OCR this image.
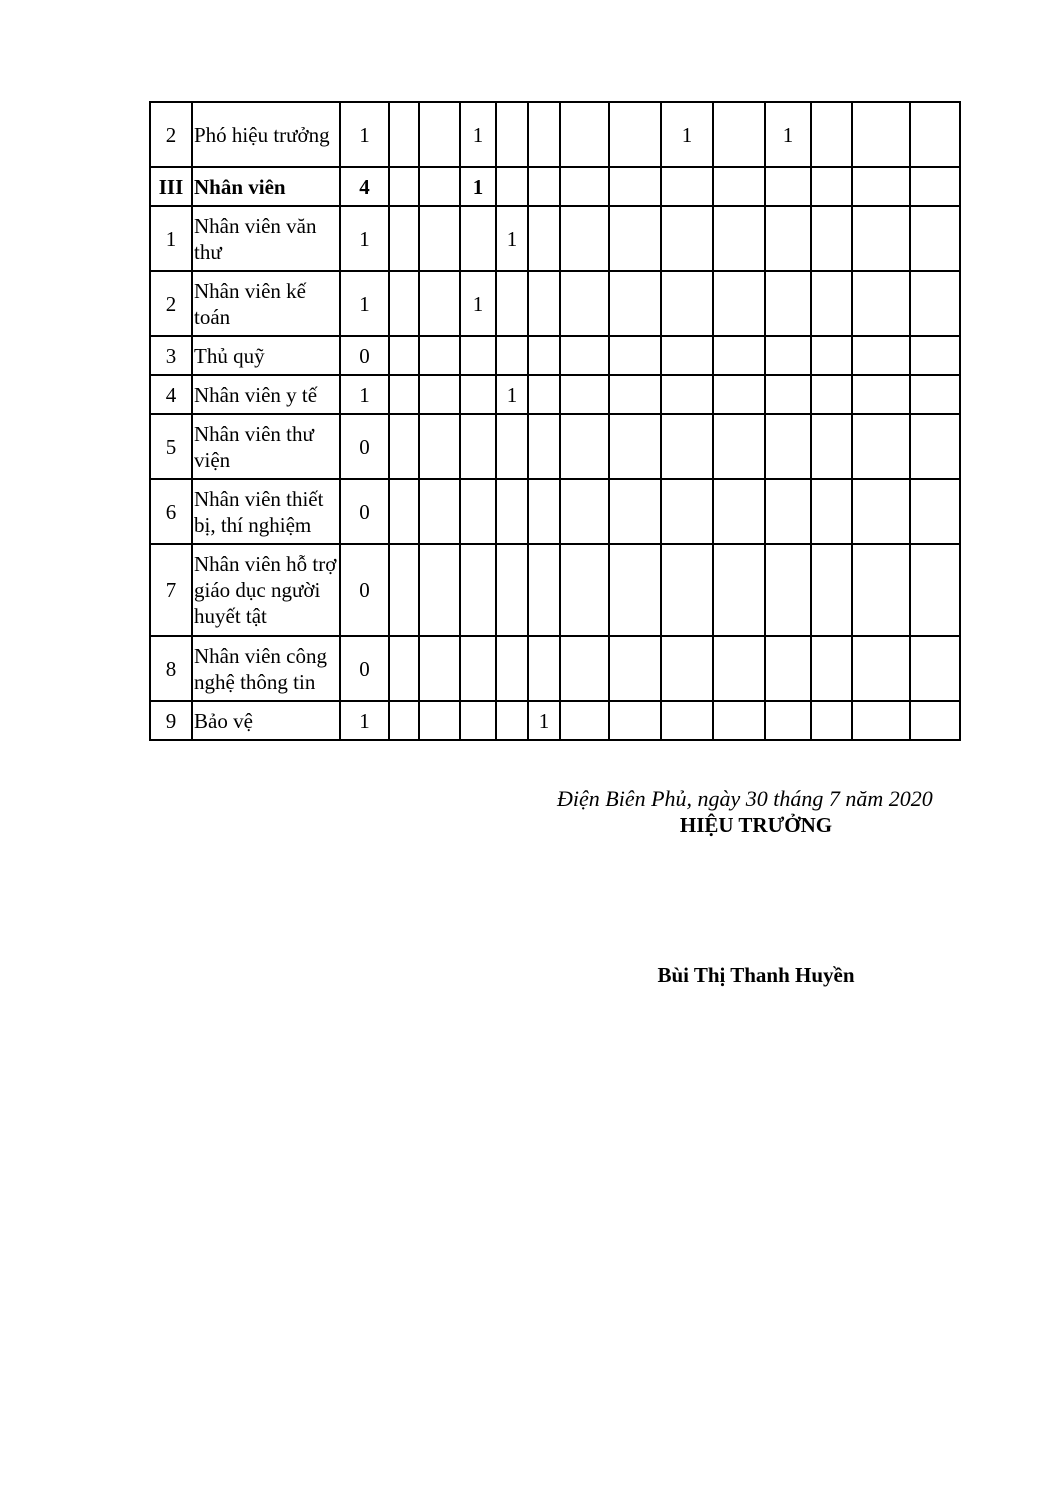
2	Phó hiệu trưởng	1			1					1		1			
III	Nhân viên	4			1										
1	Nhân viên văn thư	1				1									
2	Nhân viên kế toán	1			1										
3	Thủ quỹ	0													
4	Nhân viên y tế	1				1									
5	Nhân viên thư viện	0													
6	Nhân viên thiết bị, thí nghiệm	0													
7	Nhân viên hỗ trợ giáo dục người huyết tật	0													
8	Nhân viên công nghệ thông tin	0													
9	Bảo vệ	1					1								
Điện Biên Phủ, ngày 30 tháng 7 năm 2020
HIỆU TRƯỞNG
Bùi Thị Thanh Huyền
